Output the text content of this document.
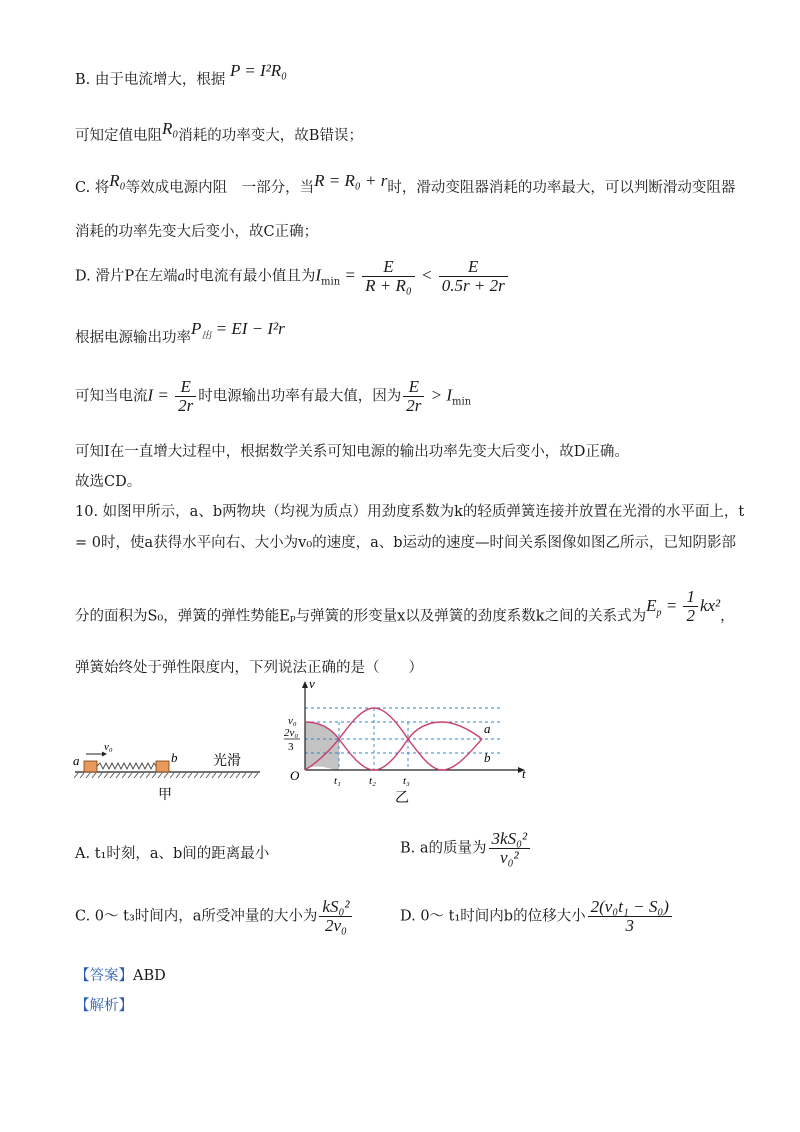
B. 由于电流增大，根据 P = I²R₀
可知定值电阻R₀消耗的功率变大，故B错误；
C. 将R₀等效成电源内阻　一部分，当R = R₀ + r时，滑动变阻器消耗的功率最大，可以判断滑动变阻器
消耗的功率先变大后变小，故C正确；
D. 滑片P在左端a时电流有最小值且为$I_{min} = \frac{E}{\text{R + R₀}} < \frac{E}{0.5r + 2r}$
根据电源输出功率$P_出$ = EI − I²r
可知当电流$I = \frac{E}{2r}$ 时电源输出功率有最大值，因为 $\frac{E}{2r} > I_{min}$
可知I在一直增大过程中，根据数学关系可知电源的输出功率先变大后变小，故D正确。
故选CD。
10. 如图甲所示，a、b两物块（均视为质点）用劲度系数为k的轻质弹簧连接并放置在光滑的水平面上，t
= 0时，使a获得水平向右、大小为v₀的速度，a、b运动的速度—时间关系图像如图乙所示，已知阴影部
分的面积为S₀，弹簧的弹性势能Eₚ与弹簧的形变量x以及弹簧的劲度系数k之间的关系式为$E_p = \frac{1}{2} kx^2$，
弹簧始终处于弹性限度内，下列说法正确的是（　　）
v₀
a	b	光滑
甲
v
t
O
v₀
2v₀
3
t₁	t₂ t₃
a
b
乙
A. t₁时刻，a、b间的距离最小	B. a的质量为 $\frac{\text{3kS₀²}}{\text{v₀²}}$
C. 0～ t₃时间内，a所受冲量的大小为 $\frac{\text{kS₀²}}{\text{2v₀}}$	D. 0～ t₁时间内b的位移大小 $\frac{\text{2(v₀t₁ − S₀)}}{3}$
【答案】ABD
【解析】
